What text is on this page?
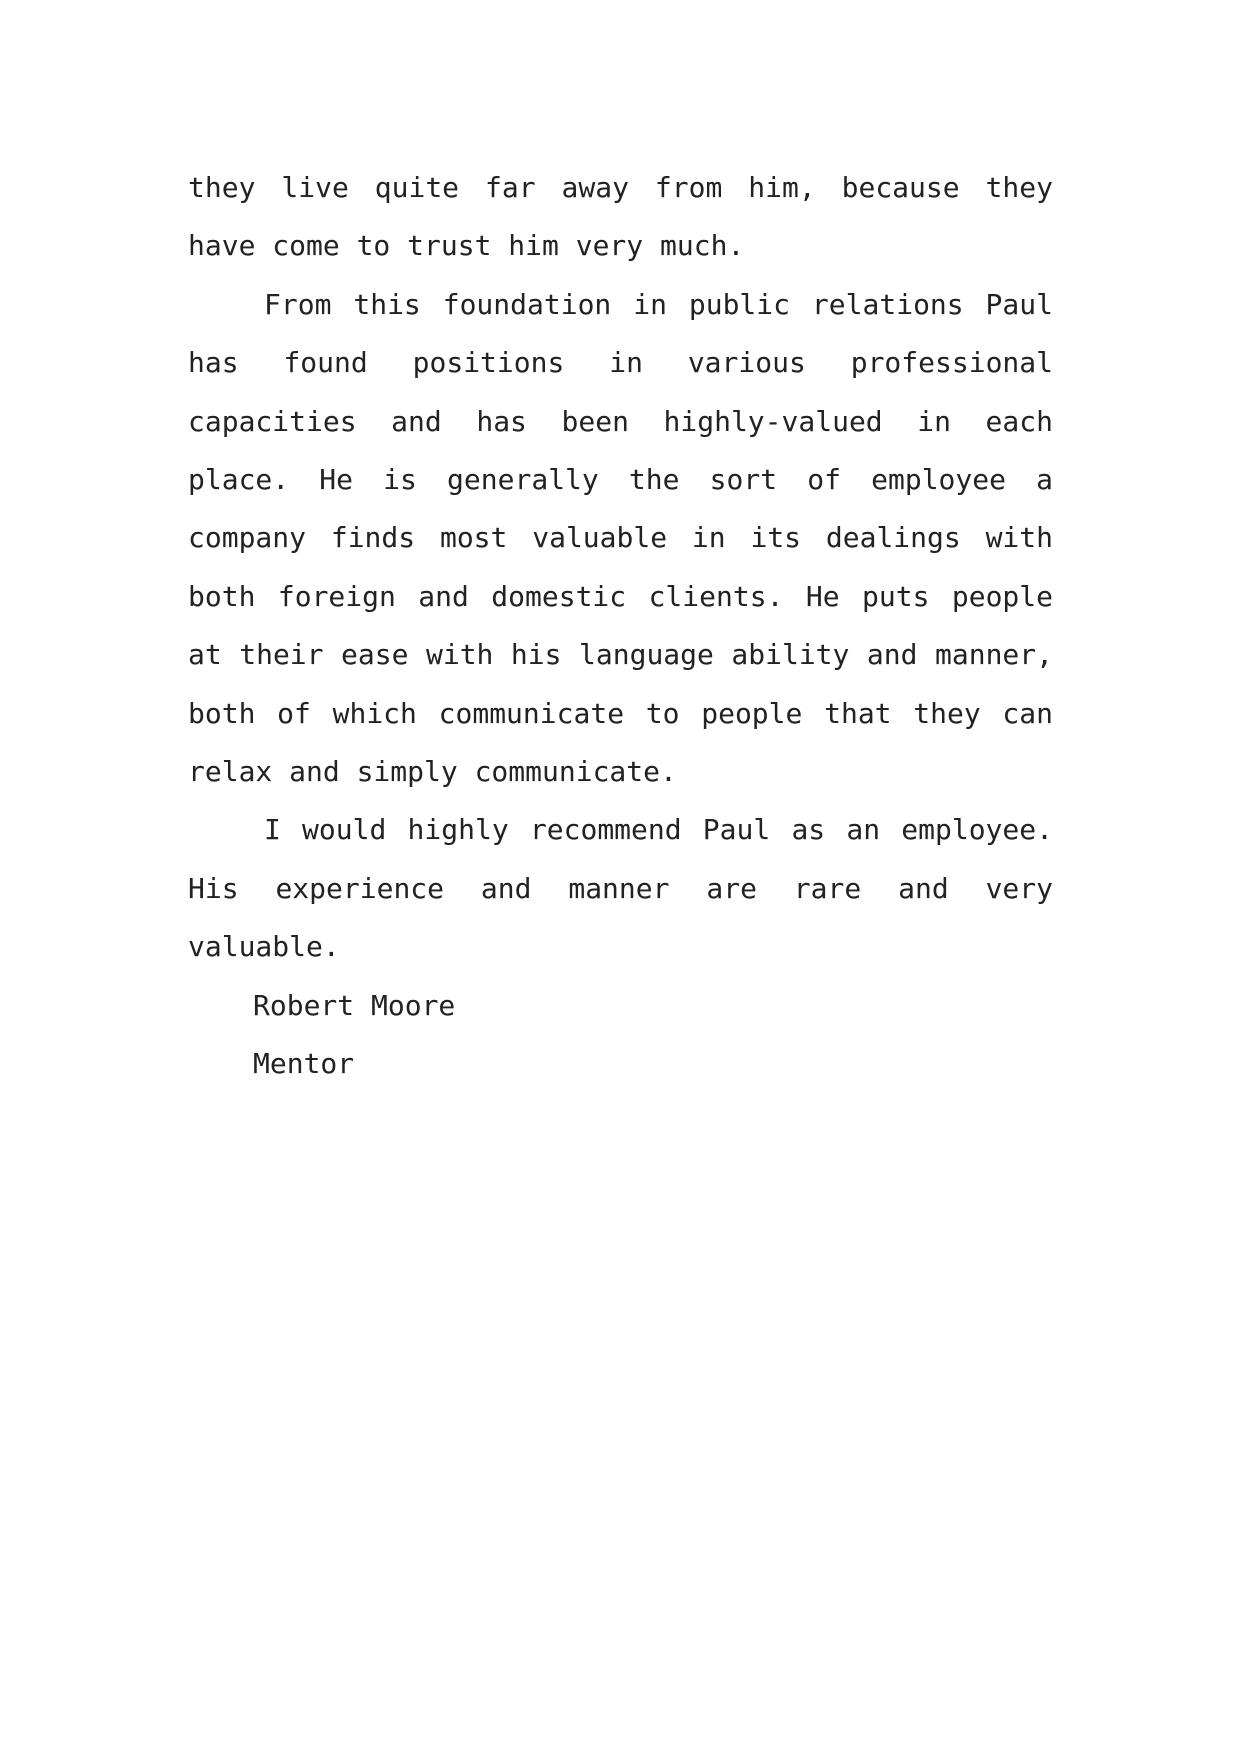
they live quite far away from him, because they have come to trust him very much.

From this foundation in public relations Paul has found positions in various professional capacities and has been highly-valued in each place. He is generally the sort of employee a company finds most valuable in its dealings with both foreign and domestic clients. He puts people at their ease with his language ability and manner, both of which communicate to people that they can relax and simply communicate.

I would highly recommend Paul as an employee. His experience and manner are rare and very valuable.

Robert Moore

Mentor
